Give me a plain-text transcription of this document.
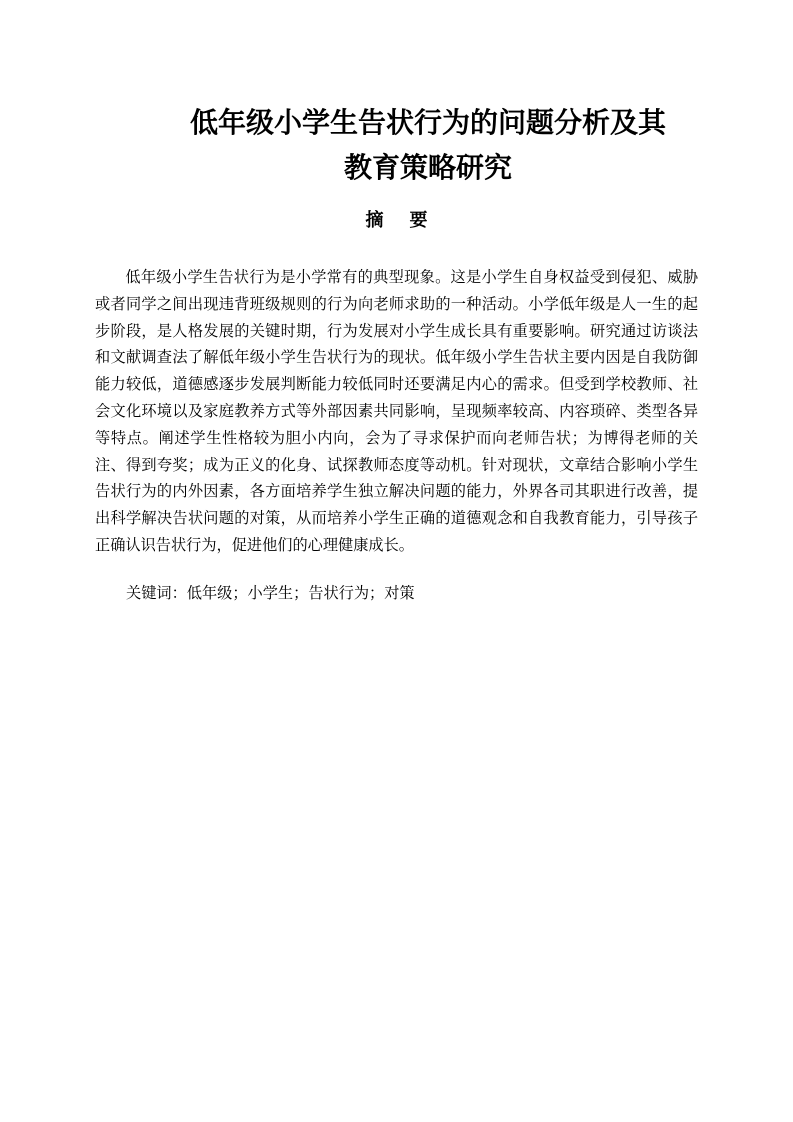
低年级小学生告状行为的问题分析及其
教育策略研究
摘要

低年级小学生告状行为是小学常有的典型现象。这是小学生自身权益受到侵犯、威胁或者同学之间出现违背班级规则的行为向老师求助的一种活动。小学低年级是人一生的起步阶段，是人格发展的关键时期，行为发展对小学生成长具有重要影响。研究通过访谈法和文献调查法了解低年级小学生告状行为的现状。低年级小学生告状主要内因是自我防御能力较低，道德感逐步发展判断能力较低同时还要满足内心的需求。但受到学校教师、社会文化环境以及家庭教养方式等外部因素共同影响，呈现频率较高、内容琐碎、类型各异等特点。阐述学生性格较为胆小内向，会为了寻求保护而向老师告状；为博得老师的关注、得到夸奖；成为正义的化身、试探教师态度等动机。针对现状，文章结合影响小学生告状行为的内外因素，各方面培养学生独立解决问题的能力，外界各司其职进行改善，提出科学解决告状问题的对策，从而培养小学生正确的道德观念和自我教育能力，引导孩子正确认识告状行为，促进他们的心理健康成长。

关键词：低年级；小学生；告状行为；对策
